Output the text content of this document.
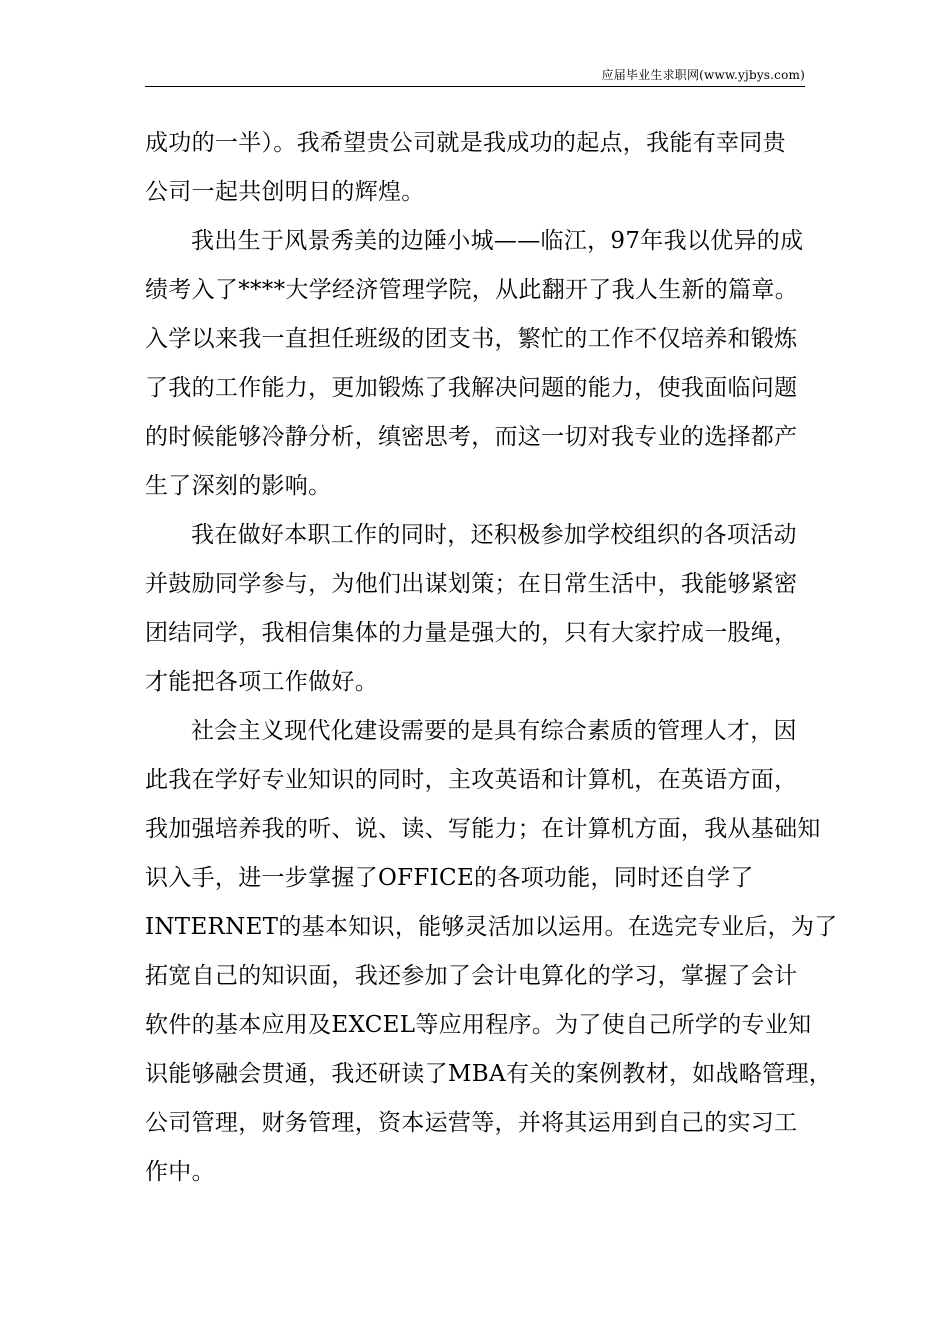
应届毕业生求职网(www.yjbys.com)
成功的一半）。我希望贵公司就是我成功的起点，我能有幸同贵
公司一起共创明日的辉煌。
我出生于风景秀美的边陲小城——临江，97年我以优异的成
绩考入了****大学经济管理学院，从此翻开了我人生新的篇章。
入学以来我一直担任班级的团支书，繁忙的工作不仅培养和锻炼
了我的工作能力，更加锻炼了我解决问题的能力，使我面临问题
的时候能够冷静分析，缜密思考，而这一切对我专业的选择都产
生了深刻的影响。
我在做好本职工作的同时，还积极参加学校组织的各项活动
并鼓励同学参与，为他们出谋划策；在日常生活中，我能够紧密
团结同学，我相信集体的力量是强大的，只有大家拧成一股绳，
才能把各项工作做好。
社会主义现代化建设需要的是具有综合素质的管理人才，因
此我在学好专业知识的同时，主攻英语和计算机，在英语方面，
我加强培养我的听、说、读、写能力；在计算机方面，我从基础知
识入手，进一步掌握了OFFICE的各项功能，同时还自学了
INTERNET的基本知识，能够灵活加以运用。在选完专业后，为了
拓宽自己的知识面，我还参加了会计电算化的学习，掌握了会计
软件的基本应用及EXCEL等应用程序。为了使自己所学的专业知
识能够融会贯通，我还研读了MBA有关的案例教材，如战略管理，
公司管理，财务管理，资本运营等，并将其运用到自己的实习工
作中。
